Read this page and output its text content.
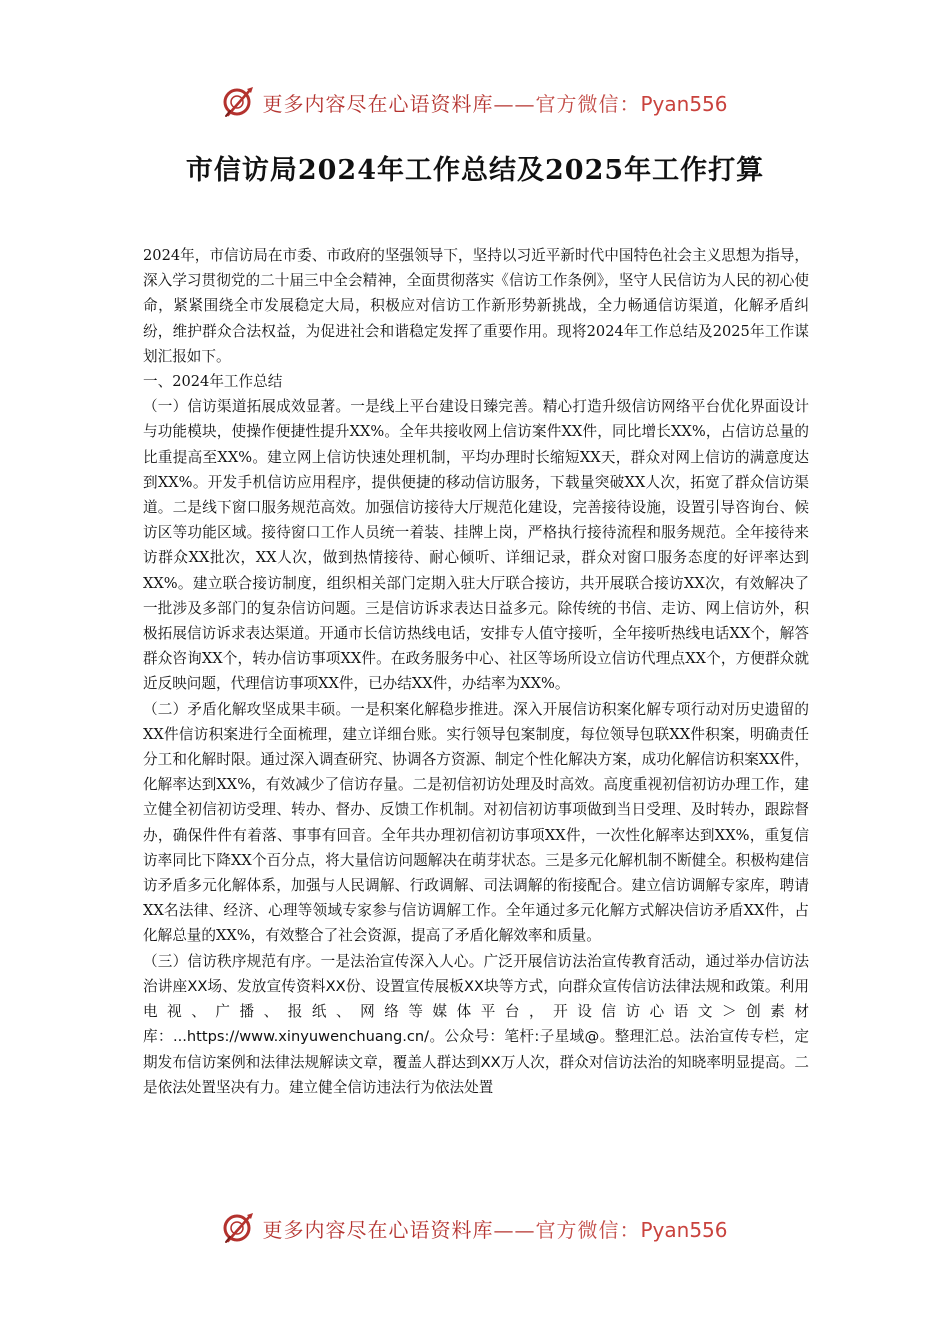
更多内容尽在心语资料库——官方微信：Pyan556
市信访局2024年工作总结及2025年工作打算

2024年，市信访局在市委、市政府的坚强领导下，坚持以习近平新时代中国特色社会主义思想为指导，深入学习贯彻党的二十届三中全会精神，全面贯彻落实《信访工作条例》，坚守人民信访为人民的初心使命，紧紧围绕全市发展稳定大局，积极应对信访工作新形势新挑战，全力畅通信访渠道，化解矛盾纠纷，维护群众合法权益，为促进社会和谐稳定发挥了重要作用。现将2024年工作总结及2025年工作谋划汇报如下。

一、2024年工作总结

（一）信访渠道拓展成效显著。一是线上平台建设日臻完善。精心打造升级信访网络平台优化界面设计与功能模块，使操作便捷性提升XX%。全年共接收网上信访案件XX件，同比增长XX%，占信访总量的比重提高至XX%。建立网上信访快速处理机制，平均办理时长缩短XX天，群众对网上信访的满意度达到XX%。开发手机信访应用程序，提供便捷的移动信访服务，下载量突破XX人次，拓宽了群众信访渠道。二是线下窗口服务规范高效。加强信访接待大厅规范化建设，完善接待设施，设置引导咨询台、候访区等功能区域。接待窗口工作人员统一着装、挂牌上岗，严格执行接待流程和服务规范。全年接待来访群众XX批次，XX人次，做到热情接待、耐心倾听、详细记录，群众对窗口服务态度的好评率达到XX%。建立联合接访制度，组织相关部门定期入驻大厅联合接访，共开展联合接访XX次，有效解决了一批涉及多部门的复杂信访问题。三是信访诉求表达日益多元。除传统的书信、走访、网上信访外，积极拓展信访诉求表达渠道。开通市长信访热线电话，安排专人值守接听，全年接听热线电话XX个，解答群众咨询XX个，转办信访事项XX件。在政务服务中心、社区等场所设立信访代理点XX个，方便群众就近反映问题，代理信访事项XX件，已办结XX件，办结率为XX%。

（二）矛盾化解攻坚成果丰硕。一是积案化解稳步推进。深入开展信访积案化解专项行动对历史遗留的XX件信访积案进行全面梳理，建立详细台账。实行领导包案制度，每位领导包联XX件积案，明确责任分工和化解时限。通过深入调查研究、协调各方资源、制定个性化解决方案，成功化解信访积案XX件，化解率达到XX%，有效减少了信访存量。二是初信初访处理及时高效。高度重视初信初访办理工作，建立健全初信初访受理、转办、督办、反馈工作机制。对初信初访事项做到当日受理、及时转办，跟踪督办，确保件件有着落、事事有回音。全年共办理初信初访事项XX件，一次性化解率达到XX%，重复信访率同比下降XX个百分点，将大量信访问题解决在萌芽状态。三是多元化解机制不断健全。积极构建信访矛盾多元化解体系，加强与人民调解、行政调解、司法调解的衔接配合。建立信访调解专家库，聘请XX名法律、经济、心理等领域专家参与信访调解工作。全年通过多元化解方式解决信访矛盾XX件，占化解总量的XX%，有效整合了社会资源，提高了矛盾化解效率和质量。

（三）信访秩序规范有序。一是法治宣传深入人心。广泛开展信访法治宣传教育活动，通过举办信访法治讲座XX场、发放宣传资料XX份、设置宣传展板XX块等方式，向群众宣传信访法律法规和政策。利用电视、广播、报纸、网络等媒体平台，开设信访心语文＞创素材库：...https://www.xinyuwenchuang.cn/。公众号：笔杆:子星域@。整理汇总。法治宣传专栏，定期发布信访案例和法律法规解读文章，覆盖人群达到XX万人次，群众对信访法治的知晓率明显提高。二是依法处置坚决有力。建立健全信访违法行为依法处置

更多内容尽在心语资料库——官方微信：Pyan556
